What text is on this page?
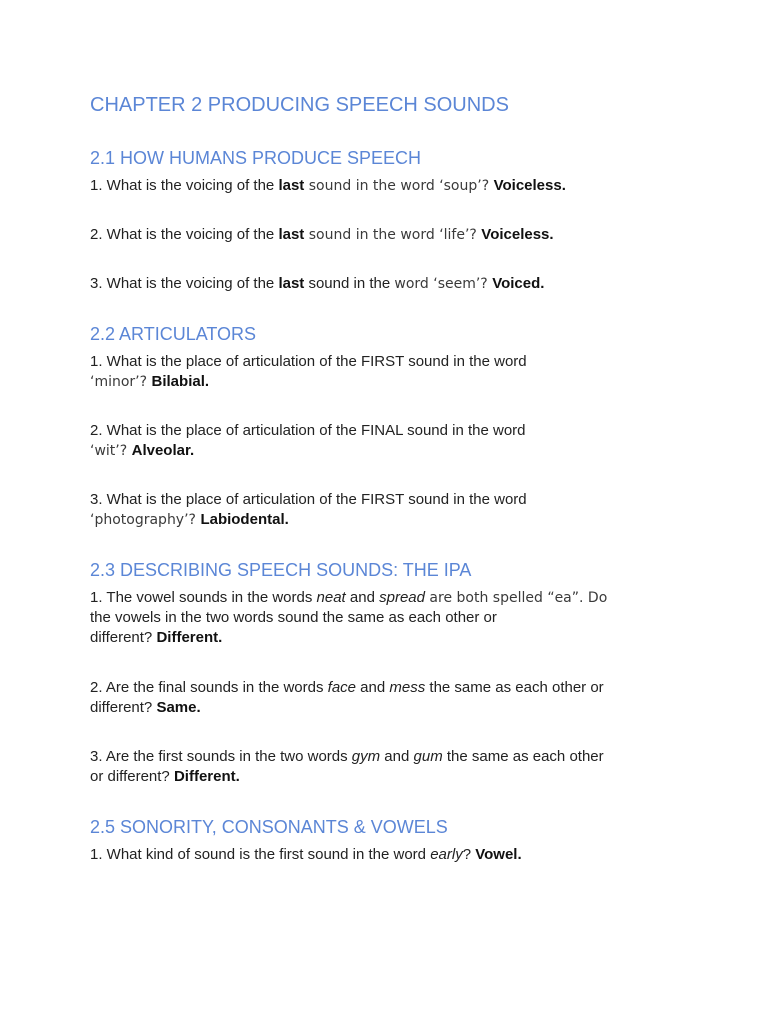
CHAPTER 2 PRODUCING SPEECH SOUNDS
2.1 HOW HUMANS PRODUCE SPEECH
1. What is the voicing of the last sound in the word ‘soup’? Voiceless.
2. What is the voicing of the last sound in the word ‘life’? Voiceless.
3. What is the voicing of the last sound in the word ‘seem’? Voiced.
2.2 ARTICULATORS
1. What is the place of articulation of the FIRST sound in the word
‘minor’? Bilabial.
2. What is the place of articulation of the FINAL sound in the word
‘wit’? Alveolar.
3. What is the place of articulation of the FIRST sound in the word
‘photography’? Labiodental.
2.3 DESCRIBING SPEECH SOUNDS: THE IPA
1. The vowel sounds in the words neat and spread are both spelled “ea”. Do
the vowels in the two words sound the same as each other or
different? Different.
2. Are the final sounds in the words face and mess the same as each other or
different? Same.
3. Are the first sounds in the two words gym and gum the same as each other
or different? Different.
2.5 SONORITY, CONSONANTS & VOWELS
1. What kind of sound is the first sound in the word early? Vowel.
